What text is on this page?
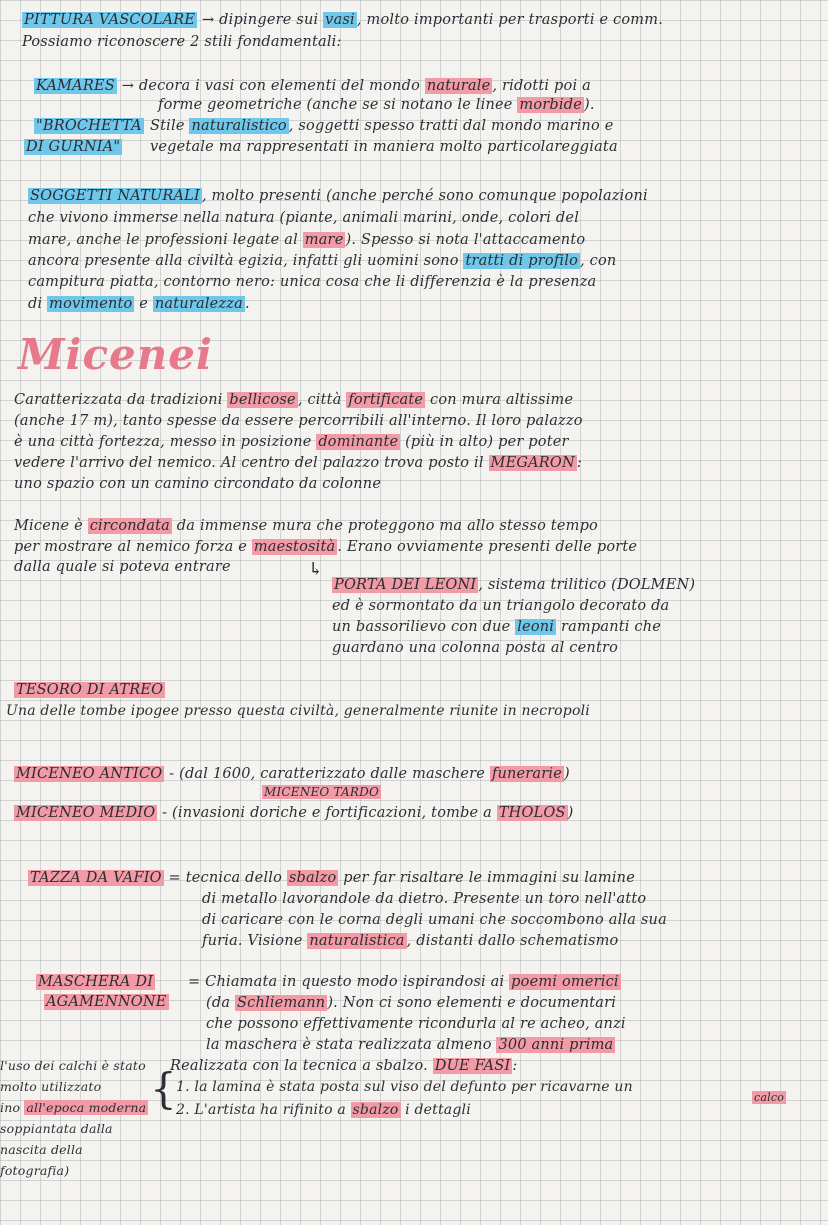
PITTURA VASCOLARE → dipingere sui vasi , molto importanti per trasporti e comm.
Possiamo riconoscere 2 stili fondamentali:
KAMARES → decora i vasi con elementi del mondo naturale , ridotti poi a
forme geometriche (anche se si notano le linee morbide ).
"BROCHETTA
DI GURNIA"
Stile naturalistico , soggetti spesso tratti dal mondo marino e
vegetale ma rappresentati in maniera molto particolareggiata
SOGGETTI NATURALI , molto presenti (anche perché sono comunque popolazioni
che vivono immerse nella natura (piante, animali marini, onde, colori del
mare, anche le professioni legate al mare ). Spesso si nota l'attaccamento
ancora presente alla civiltà egizia, infatti gli uomini sono tratti di profilo , con
campitura piatta, contorno nero: unica cosa che li differenzia è la presenza
di movimento e naturalezza .
Micenei
Caratterizzata da tradizioni bellicose , città fortificate con mura altissime
(anche 17 m), tanto spesse da essere percorribili all'interno. Il loro palazzo
è una città fortezza, messo in posizione dominante (più in alto) per poter
vedere l'arrivo del nemico. Al centro del palazzo trova posto il MEGARON :
uno spazio con un camino circondato da colonne
Micene è circondata da immense mura che proteggono ma allo stesso tempo
per mostrare al nemico forza e maestosità . Erano ovviamente presenti delle porte
dalla quale si poteva entrare	↳
PORTA DEI LEONI , sistema trilitico (DOLMEN)
ed è sormontato da un triangolo decorato da
un bassorilievo con due leoni rampanti che
guardano una colonna posta al centro
TESORO DI ATREO
Una delle tombe ipogee presso questa civiltà, generalmente riunite in necropoli
MICENEO ANTICO - (dal 1600, caratterizzato dalle maschere funerarie )
MICENEO TARDO
MICENEO MEDIO - (invasioni doriche e fortificazioni, tombe a THOLOS )
TAZZA DA VAFIO = tecnica dello sbalzo per far risaltare le immagini su lamine
di metallo lavorandole da dietro. Presente un toro nell'atto
di caricare con le corna degli umani che soccombono alla sua
furia. Visione naturalistica , distanti dallo schematismo
MASCHERA DI
AGAMENNONE
= Chiamata in questo modo ispirandosi ai poemi omerici
(da Schliemann ). Non ci sono elementi e documentari
che possono effettivamente ricondurla al re acheo, anzi
la maschera è stata realizzata almeno 300 anni prima
Realizzata con la tecnica a sbalzo. DUE FASI :
1. la lamina è stata posta sul viso del defunto per ricavarne un
calco
2. L'artista ha rifinito a sbalzo i dettagli
{
l'uso dei calchi è stato
molto utilizzato
ino all'epoca moderna
soppiantata dalla
nascita della
fotografia)
